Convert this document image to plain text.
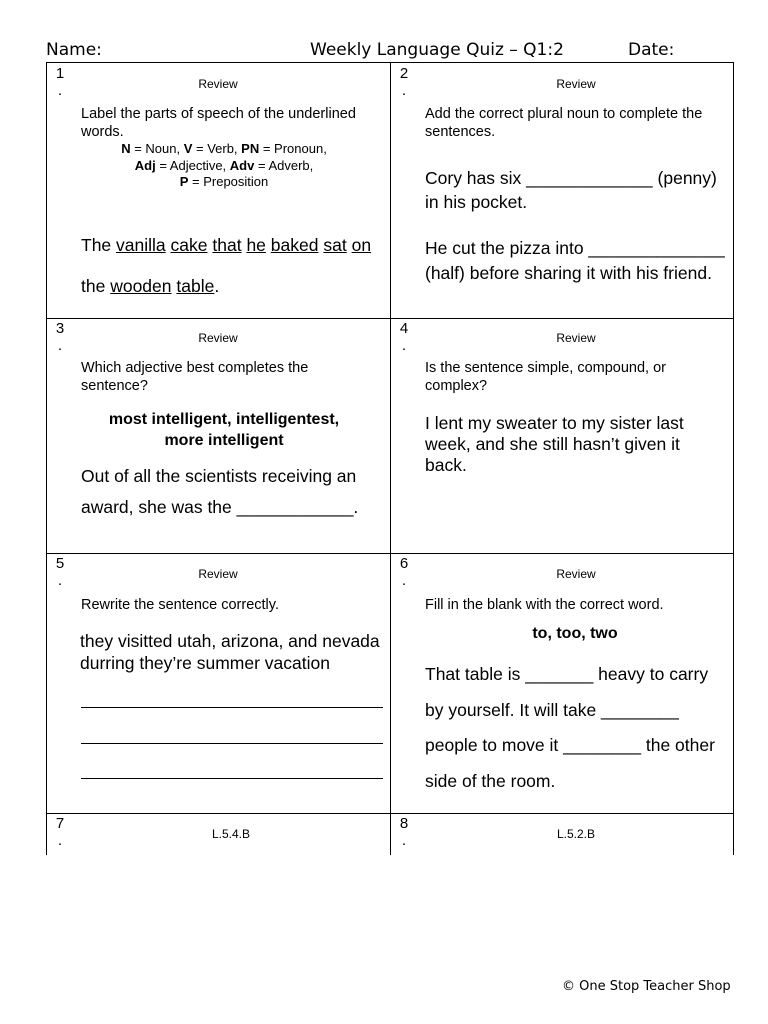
Name:	Weekly Language Quiz – Q1:2	Date:
1
.	Review
Label the parts of speech of the underlined
words.
N = Noun, V = Verb, PN = Pronoun,
Adj = Adjective, Adv = Adverb,
P = Preposition
The vanilla cake that he baked sat on
the wooden table.
2
.	Review
Add the correct plural noun to complete the
sentences.
Cory has six _____________ (penny)
in his pocket.
He cut the pizza into ______________
(half) before sharing it with his friend.
3
.	Review
Which adjective best completes the
sentence?
most intelligent, intelligentest,
more intelligent
Out of all the scientists receiving an
award, she was the ____________.
4
.	Review
Is the sentence simple, compound, or
complex?
I lent my sweater to my sister last
week, and she still hasn’t given it
back.
5
.	Review
Rewrite the sentence correctly.
they visitted utah, arizona, and nevada
durring they’re summer vacation
6
.	Review
Fill in the blank with the correct word.
to, too, two
That table is _______ heavy to carry
by yourself. It will take ________
people to move it ________ the other
side of the room.
7
.	L.5.4.B
8
.	L.5.2.B
© One Stop Teacher Shop
